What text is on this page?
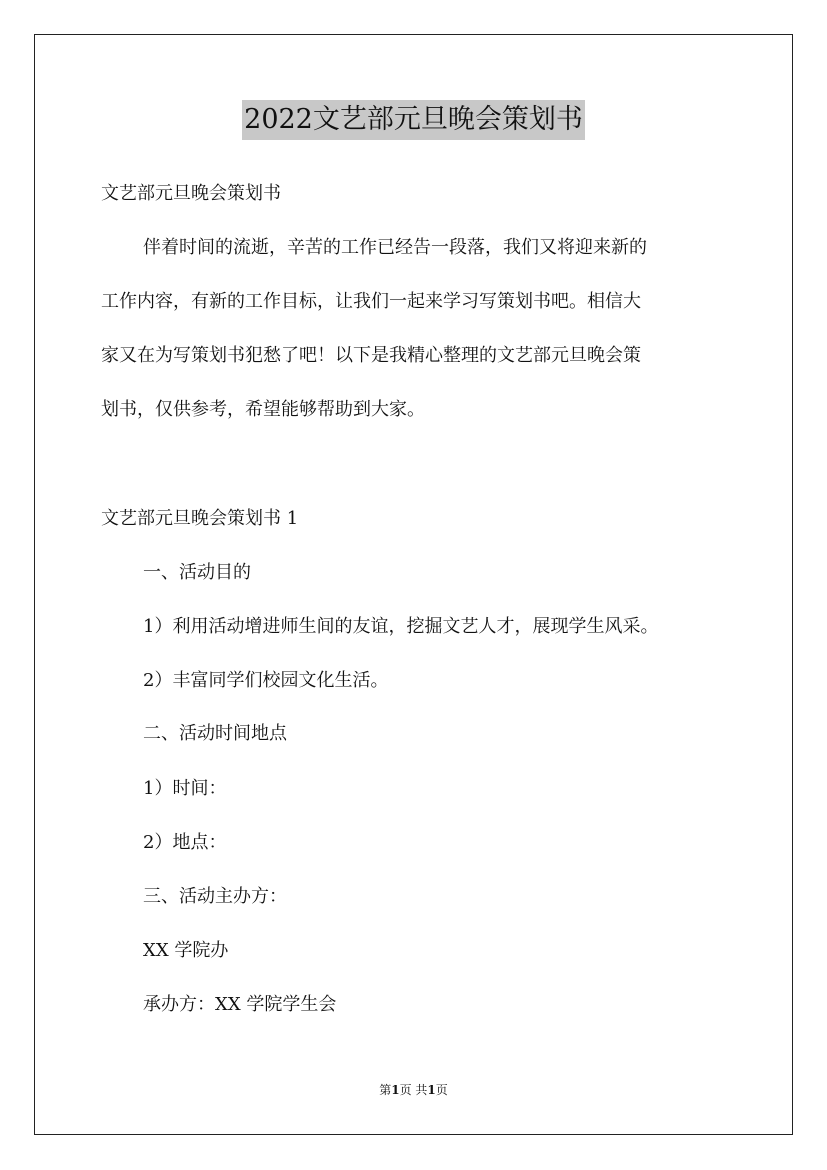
2022文艺部元旦晚会策划书
文艺部元旦晚会策划书
伴着时间的流逝，辛苦的工作已经告一段落，我们又将迎来新的
工作内容，有新的工作目标，让我们一起来学习写策划书吧。相信大
家又在为写策划书犯愁了吧！以下是我精心整理的文艺部元旦晚会策
划书，仅供参考，希望能够帮助到大家。
文艺部元旦晚会策划书 1
一、活动目的
1）利用活动增进师生间的友谊，挖掘文艺人才，展现学生风采。
2）丰富同学们校园文化生活。
二、活动时间地点
1）时间：
2）地点：
三、活动主办方：
XX 学院办
承办方：XX 学院学生会
第1页 共1页
